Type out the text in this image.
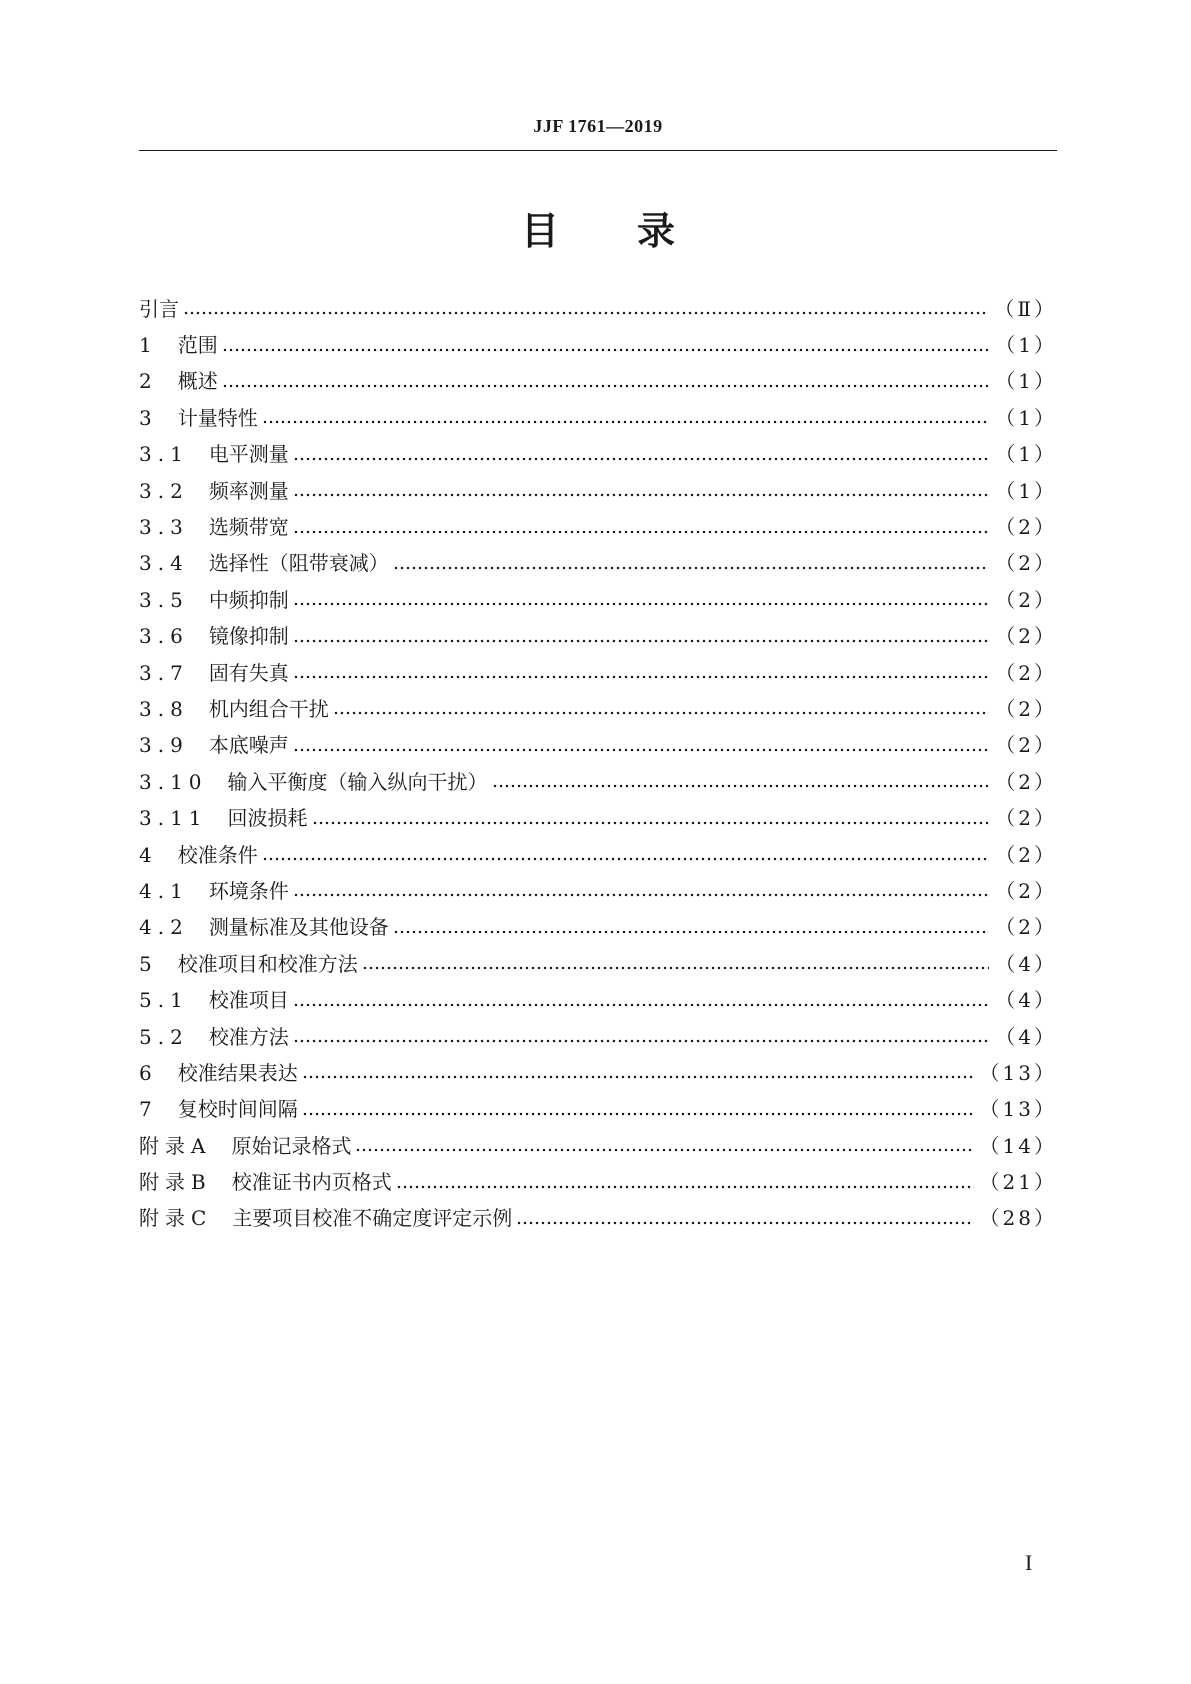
JJF 1761—2019
目录
引言	（Ⅱ）
1　 范围	（1）
2　 概述	（1）
3　 计量特性	（1）
3.1　 电平测量	（1）
3.2　 频率测量	（1）
3.3　 选频带宽	（2）
3.4　 选择性（阻带衰减）	（2）
3.5　 中频抑制	（2）
3.6　 镜像抑制	（2）
3.7　 固有失真	（2）
3.8　 机内组合干扰	（2）
3.9　 本底噪声	（2）
3.10　 输入平衡度（输入纵向干扰）	（2）
3.11　 回波损耗	（2）
4　 校准条件	（2）
4.1　 环境条件	（2）
4.2　 测量标准及其他设备	（2）
5　 校准项目和校准方法	（4）
5.1　 校准项目	（4）
5.2　 校准方法	（4）
6　 校准结果表达	（13）
7　 复校时间间隔	（13）
附录A　 原始记录格式	（14）
附录B　 校准证书内页格式	（21）
附录C　 主要项目校准不确定度评定示例	（28）
I
